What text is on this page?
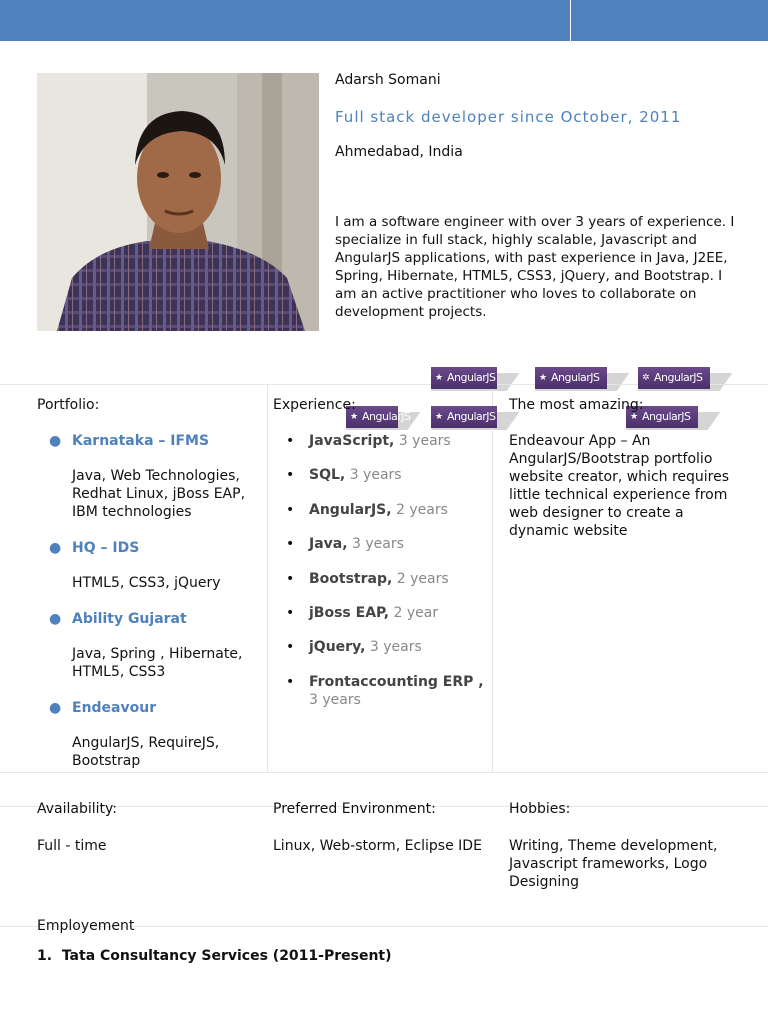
Adarsh Somani
Full stack developer since October, 2011
Ahmedabad, India

I am a software engineer with over 3 years of experience. I specialize in full stack, highly scalable, Javascript and AngularJS applications, with past experience in Java, J2EE, Spring, Hibernate, HTML5, CSS3, jQuery, and Bootstrap. I am an active practitioner who loves to collaborate on development projects.

★ AngularJS	★ AngularJS	✲ AngularJS
★ AngularJS	★ AngularJS	★ AngularJS
Portfolio:
● Karnataka – IFMS
Java, Web Technologies, Redhat Linux, jBoss EAP, IBM technologies
● HQ – IDS
HTML5, CSS3, jQuery
● Ability Gujarat
Java, Spring , Hibernate, HTML5, CSS3
● Endeavour
AngularJS, RequireJS, Bootstrap
Experience:
• JavaScript, 3 years
• SQL, 3 years
• AngularJS, 2 years
• Java, 3 years
• Bootstrap, 2 years
• jBoss EAP, 2 year
• jQuery, 3 years
• Frontaccounting ERP ,
3 years
The most amazing:

Endeavour App – An AngularJS/Bootstrap portfolio website creator, which requires little technical experience from web designer to create a dynamic website

Availability:

Full - time

Preferred Environment:

Linux, Web-storm, Eclipse IDE

Hobbies:

Writing, Theme development, Javascript frameworks, Logo Designing

Employement
1. Tata Consultancy Services (2011-Present)
